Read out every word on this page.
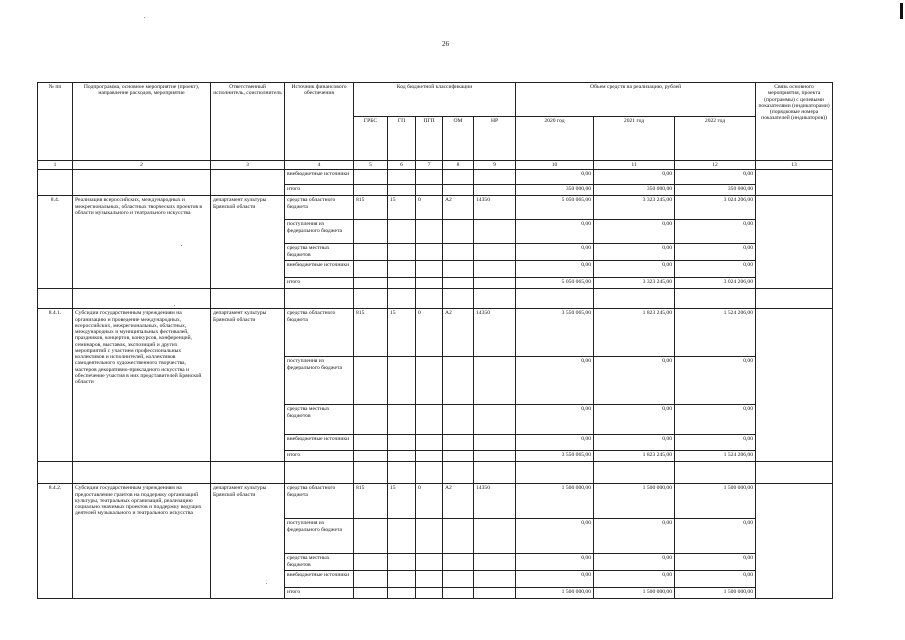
26
№ пп	Подпрограмма, основное мероприятие (проект), направление расходов, мероприятие	Ответственный исполнитель, соисполнитель	Источник финансового обеспечения	Код бюджетной классификации					Объем средств на реализацию, рублей			Связь основного мероприятия, проекта (программы) с целевыми показателями (индикаторами) (порядковые номера показателей (индикаторов))
				ГРБС	ГП	ПГП	ОМ	НР	2020 год	2021 год	2022 год	
1	2	3	4	5	6	7	8	9	10	11	12	13
			внебюджетные источники						0,00	0,00	0,00	
			итого						350 000,00	350 000,00	350 000,00	
8.4.	Реализация всероссийских, международных и межрегиональных, областных творческих проектов в области музыкального и театрального искусства	департамент культуры Брянской области	средства областного бюджета	815	15	0	А2	14350	5 050 065,00	3 323 245,00	3 024 206,00	
			поступления из федерального бюджета						0,00	0,00	0,00	
			средства местных бюджетов						0,00	0,00	0,00	
			внебюджетные источники						0,00	0,00	0,00	
			итого						5 050 065,00	3 323 245,00	3 024 206,00	

8.4.1.	Субсидии государственным учреждениям на организацию и проведение международных, всероссийских, межрегиональных, областных, международных и муниципальных фестивалей, праздников, концертов, конкурсов, конференций, семинаров, выставок, экспозиций и других мероприятий с участием профессиональных коллективов и исполнителей, коллективов самодеятельного художественного творчества, мастеров декоративно-прикладного искусства и обеспечение участия в них представителей Брянской области	департамент культуры Брянской области	средства областного бюджета	815	15	0	А2	14350	3 550 065,00	1 823 245,00	1 524 206,00	
			поступления из федерального бюджета						0,00	0,00	0,00	
			средства местных бюджетов						0,00	0,00	0,00	
			внебюджетные источники						0,00	0,00	0,00	
			итого						3 550 065,00	1 823 245,00	1 524 206,00	

8.4.2.	Субсидии государственным учреждениям на предоставление грантов на поддержку организаций культуры, театральных организаций, реализацию социально значимых проектов и поддержку ведущих деятелей музыкального и театрального искусства	департамент культуры Брянской области	средства областного бюджета	815	15	0	А2	14350	1 500 000,00	1 500 000,00	1 500 000,00	
			поступления из федерального бюджета						0,00	0,00	0,00	
			средства местных бюджетов						0,00	0,00	0,00	
			внебюджетные источники						0,00	0,00	0,00	
			итого						1 500 000,00	1 500 000,00	1 500 000,00	
